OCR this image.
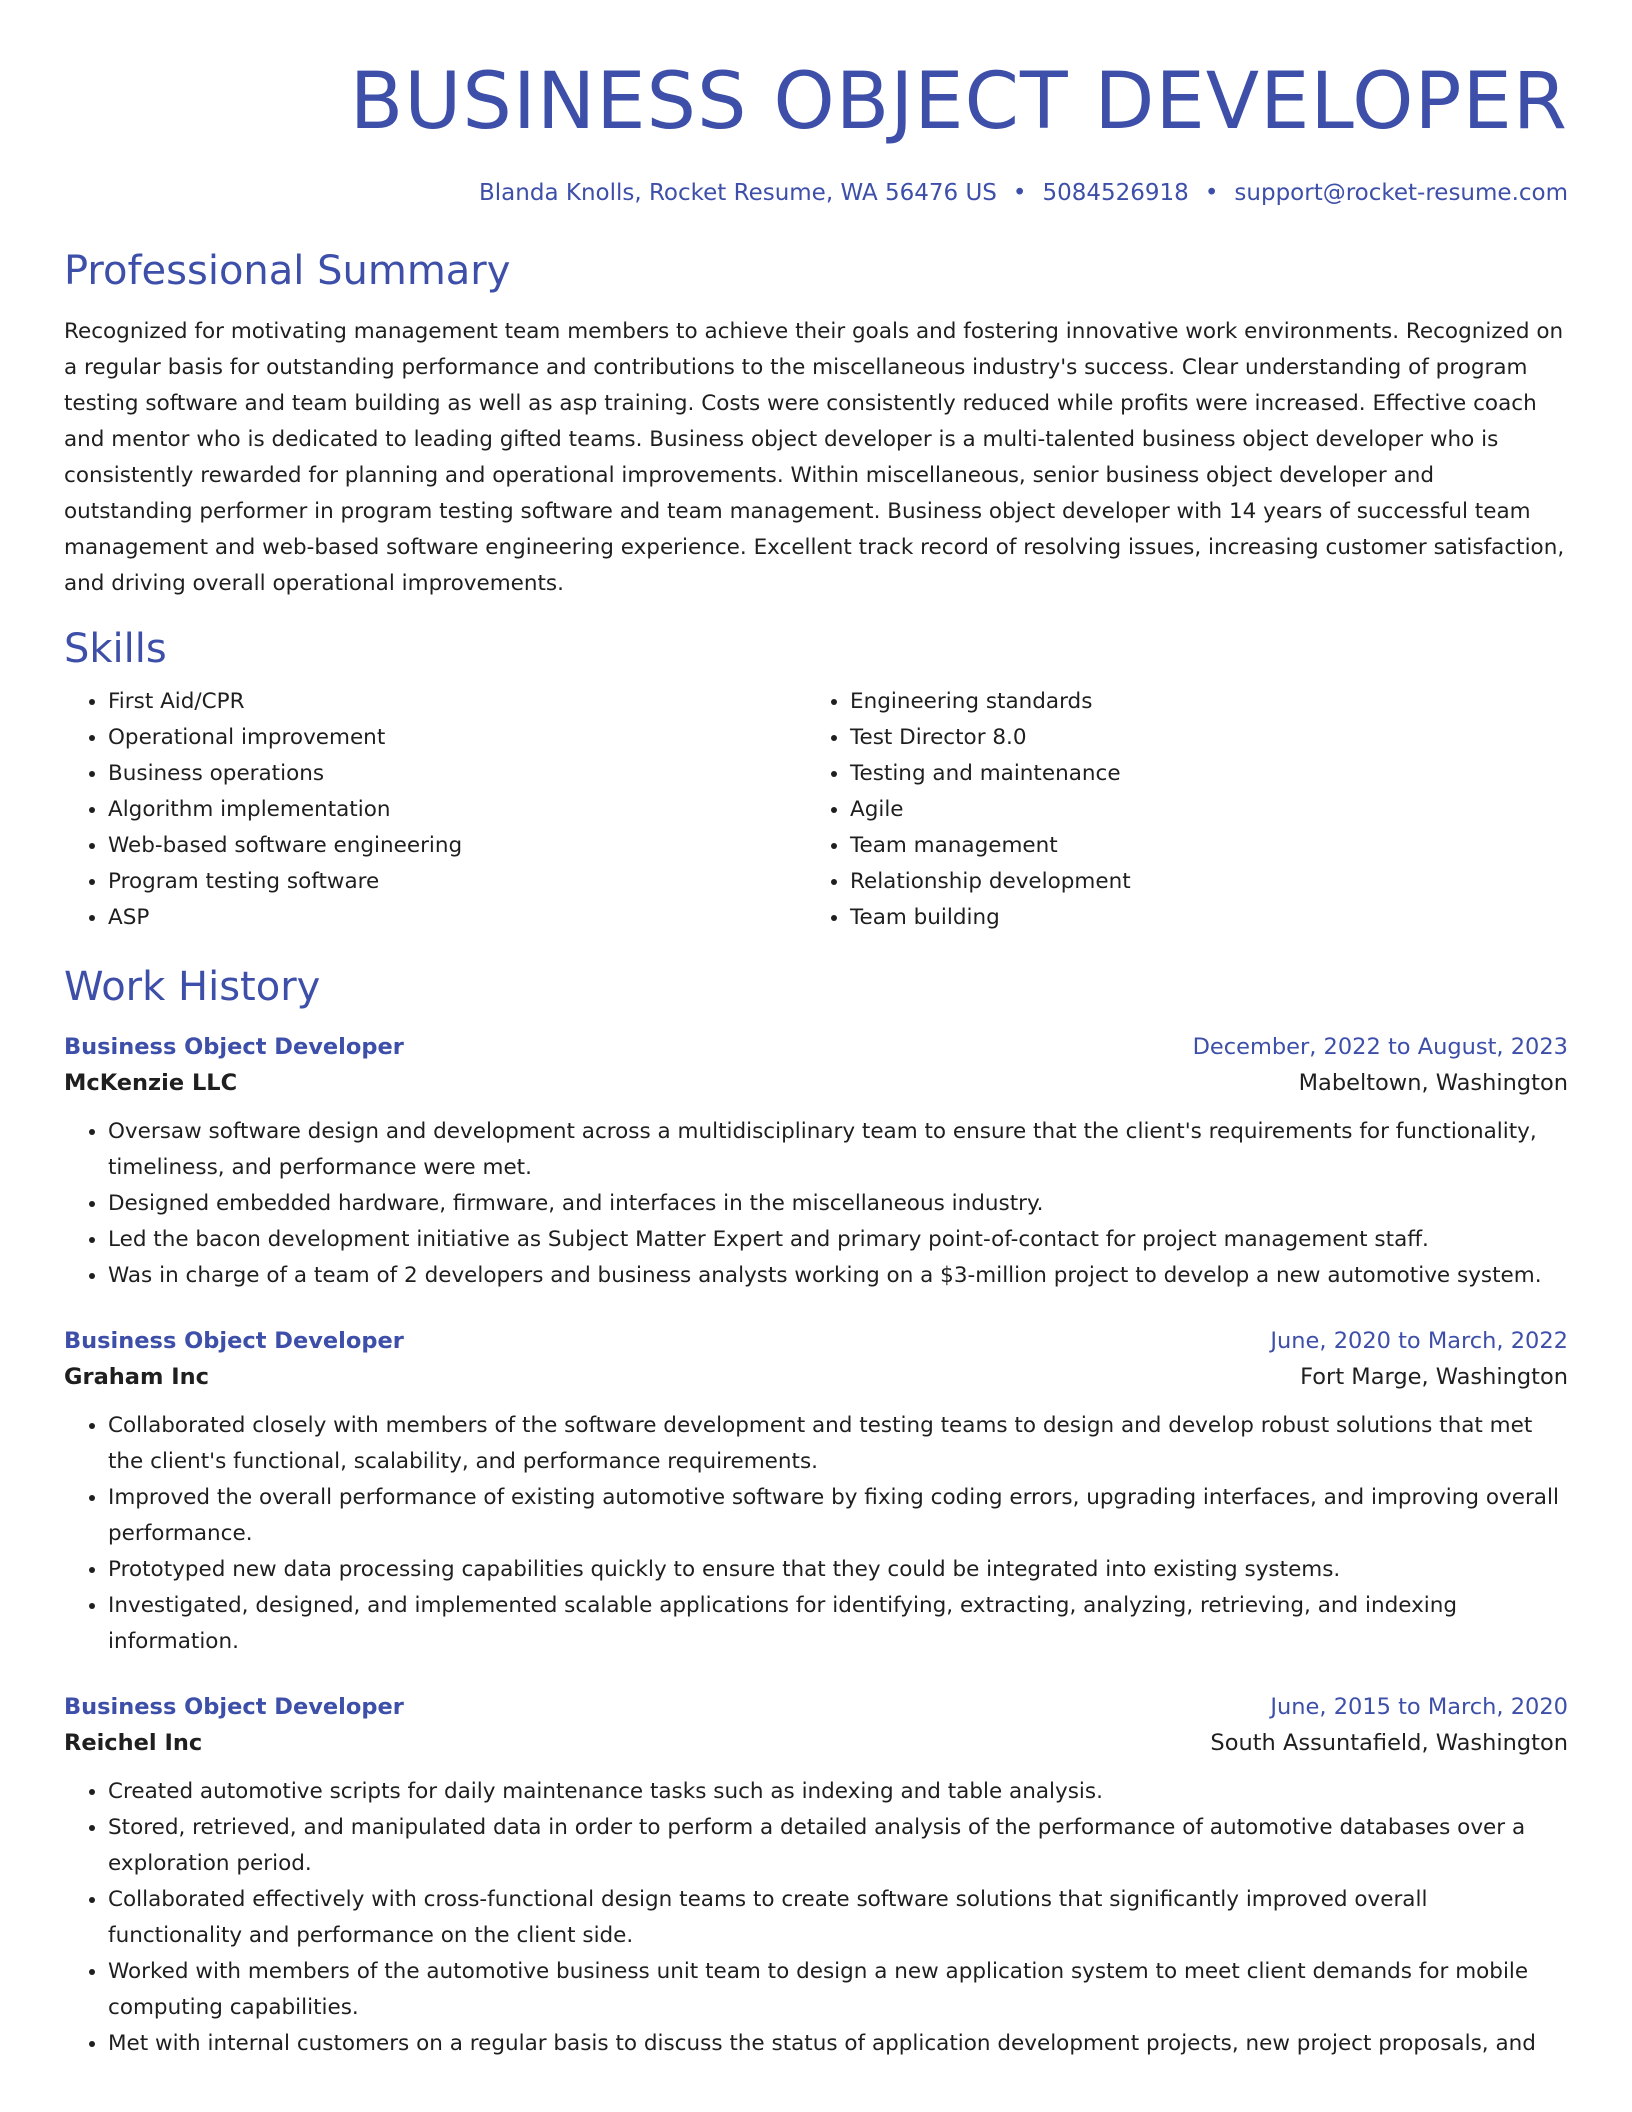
BUSINESS OBJECT DEVELOPER
Blanda Knolls, Rocket Resume, WA 56476 US • 5084526918 • support@rocket-resume.com
Professional Summary

Recognized for motivating management team members to achieve their goals and fostering innovative work environments. Recognized on a regular basis for outstanding performance and contributions to the miscellaneous industry's success. Clear understanding of program testing software and team building as well as asp training. Costs were consistently reduced while profits were increased. Effective coach and mentor who is dedicated to leading gifted teams. Business object developer is a multi-talented business object developer who is consistently rewarded for planning and operational improvements. Within miscellaneous, senior business object developer and outstanding performer in program testing software and team management. Business object developer with 14 years of successful team management and web-based software engineering experience. Excellent track record of resolving issues, increasing customer satisfaction, and driving overall operational improvements.

Skills
• First Aid/CPR
• Operational improvement
• Business operations
• Algorithm implementation
• Web-based software engineering
• Program testing software
• ASP
• Engineering standards
• Test Director 8.0
• Testing and maintenance
• Agile
• Team management
• Relationship development
• Team building
Work History
Business Object Developer	December, 2022 to August, 2023
McKenzie LLC	Mabeltown, Washington
• Oversaw software design and development across a multidisciplinary team to ensure that the client's requirements for functionality, timeliness, and performance were met.
• Designed embedded hardware, firmware, and interfaces in the miscellaneous industry.
• Led the bacon development initiative as Subject Matter Expert and primary point-of-contact for project management staff.
• Was in charge of a team of 2 developers and business analysts working on a $3-million project to develop a new automotive system.
Business Object Developer	June, 2020 to March, 2022
Graham Inc	Fort Marge, Washington
• Collaborated closely with members of the software development and testing teams to design and develop robust solutions that met the client's functional, scalability, and performance requirements.
• Improved the overall performance of existing automotive software by fixing coding errors, upgrading interfaces, and improving overall performance.
• Prototyped new data processing capabilities quickly to ensure that they could be integrated into existing systems.
• Investigated, designed, and implemented scalable applications for identifying, extracting, analyzing, retrieving, and indexing information.
Business Object Developer	June, 2015 to March, 2020
Reichel Inc	South Assuntafield, Washington
• Created automotive scripts for daily maintenance tasks such as indexing and table analysis.
• Stored, retrieved, and manipulated data in order to perform a detailed analysis of the performance of automotive databases over a exploration period.
• Collaborated effectively with cross-functional design teams to create software solutions that significantly improved overall functionality and performance on the client side.
• Worked with members of the automotive business unit team to design a new application system to meet client demands for mobile computing capabilities.
• Met with internal customers on a regular basis to discuss the status of application development projects, new project proposals, and
